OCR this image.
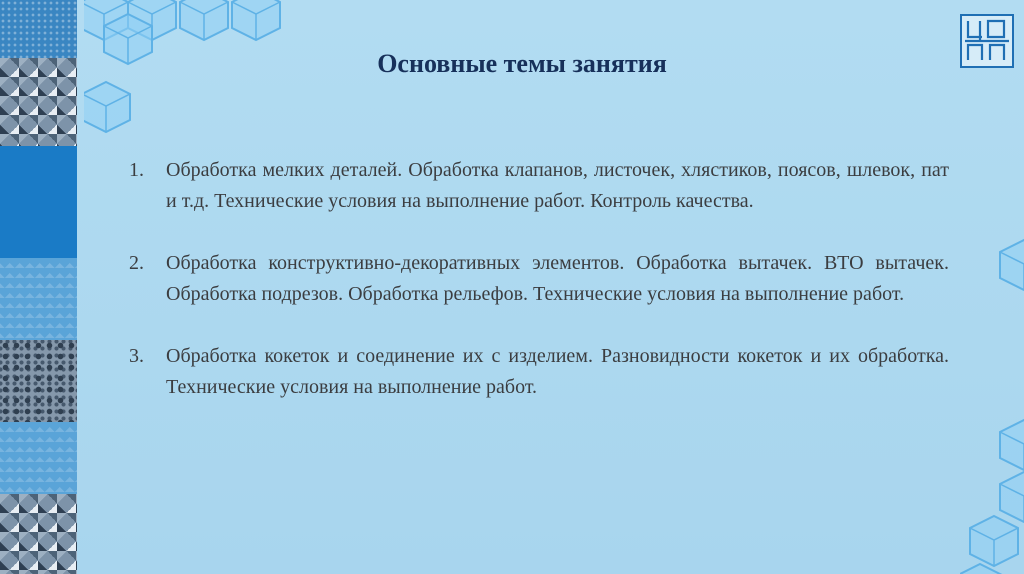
Основные темы занятия
1. Обработка мелких деталей. Обработка клапанов, листочек, хлястиков, поясов, шлевок, пат и т.д. Технические условия на выполнение работ. Контроль качества.
2. Обработка конструктивно-декоративных элементов. Обработка вытачек. ВТО вытачек. Обработка подрезов. Обработка рельефов. Технические условия на выполнение работ.
3. Обработка кокеток и соединение их с изделием. Разновидности кокеток и их обработка. Технические условия на выполнение работ.
